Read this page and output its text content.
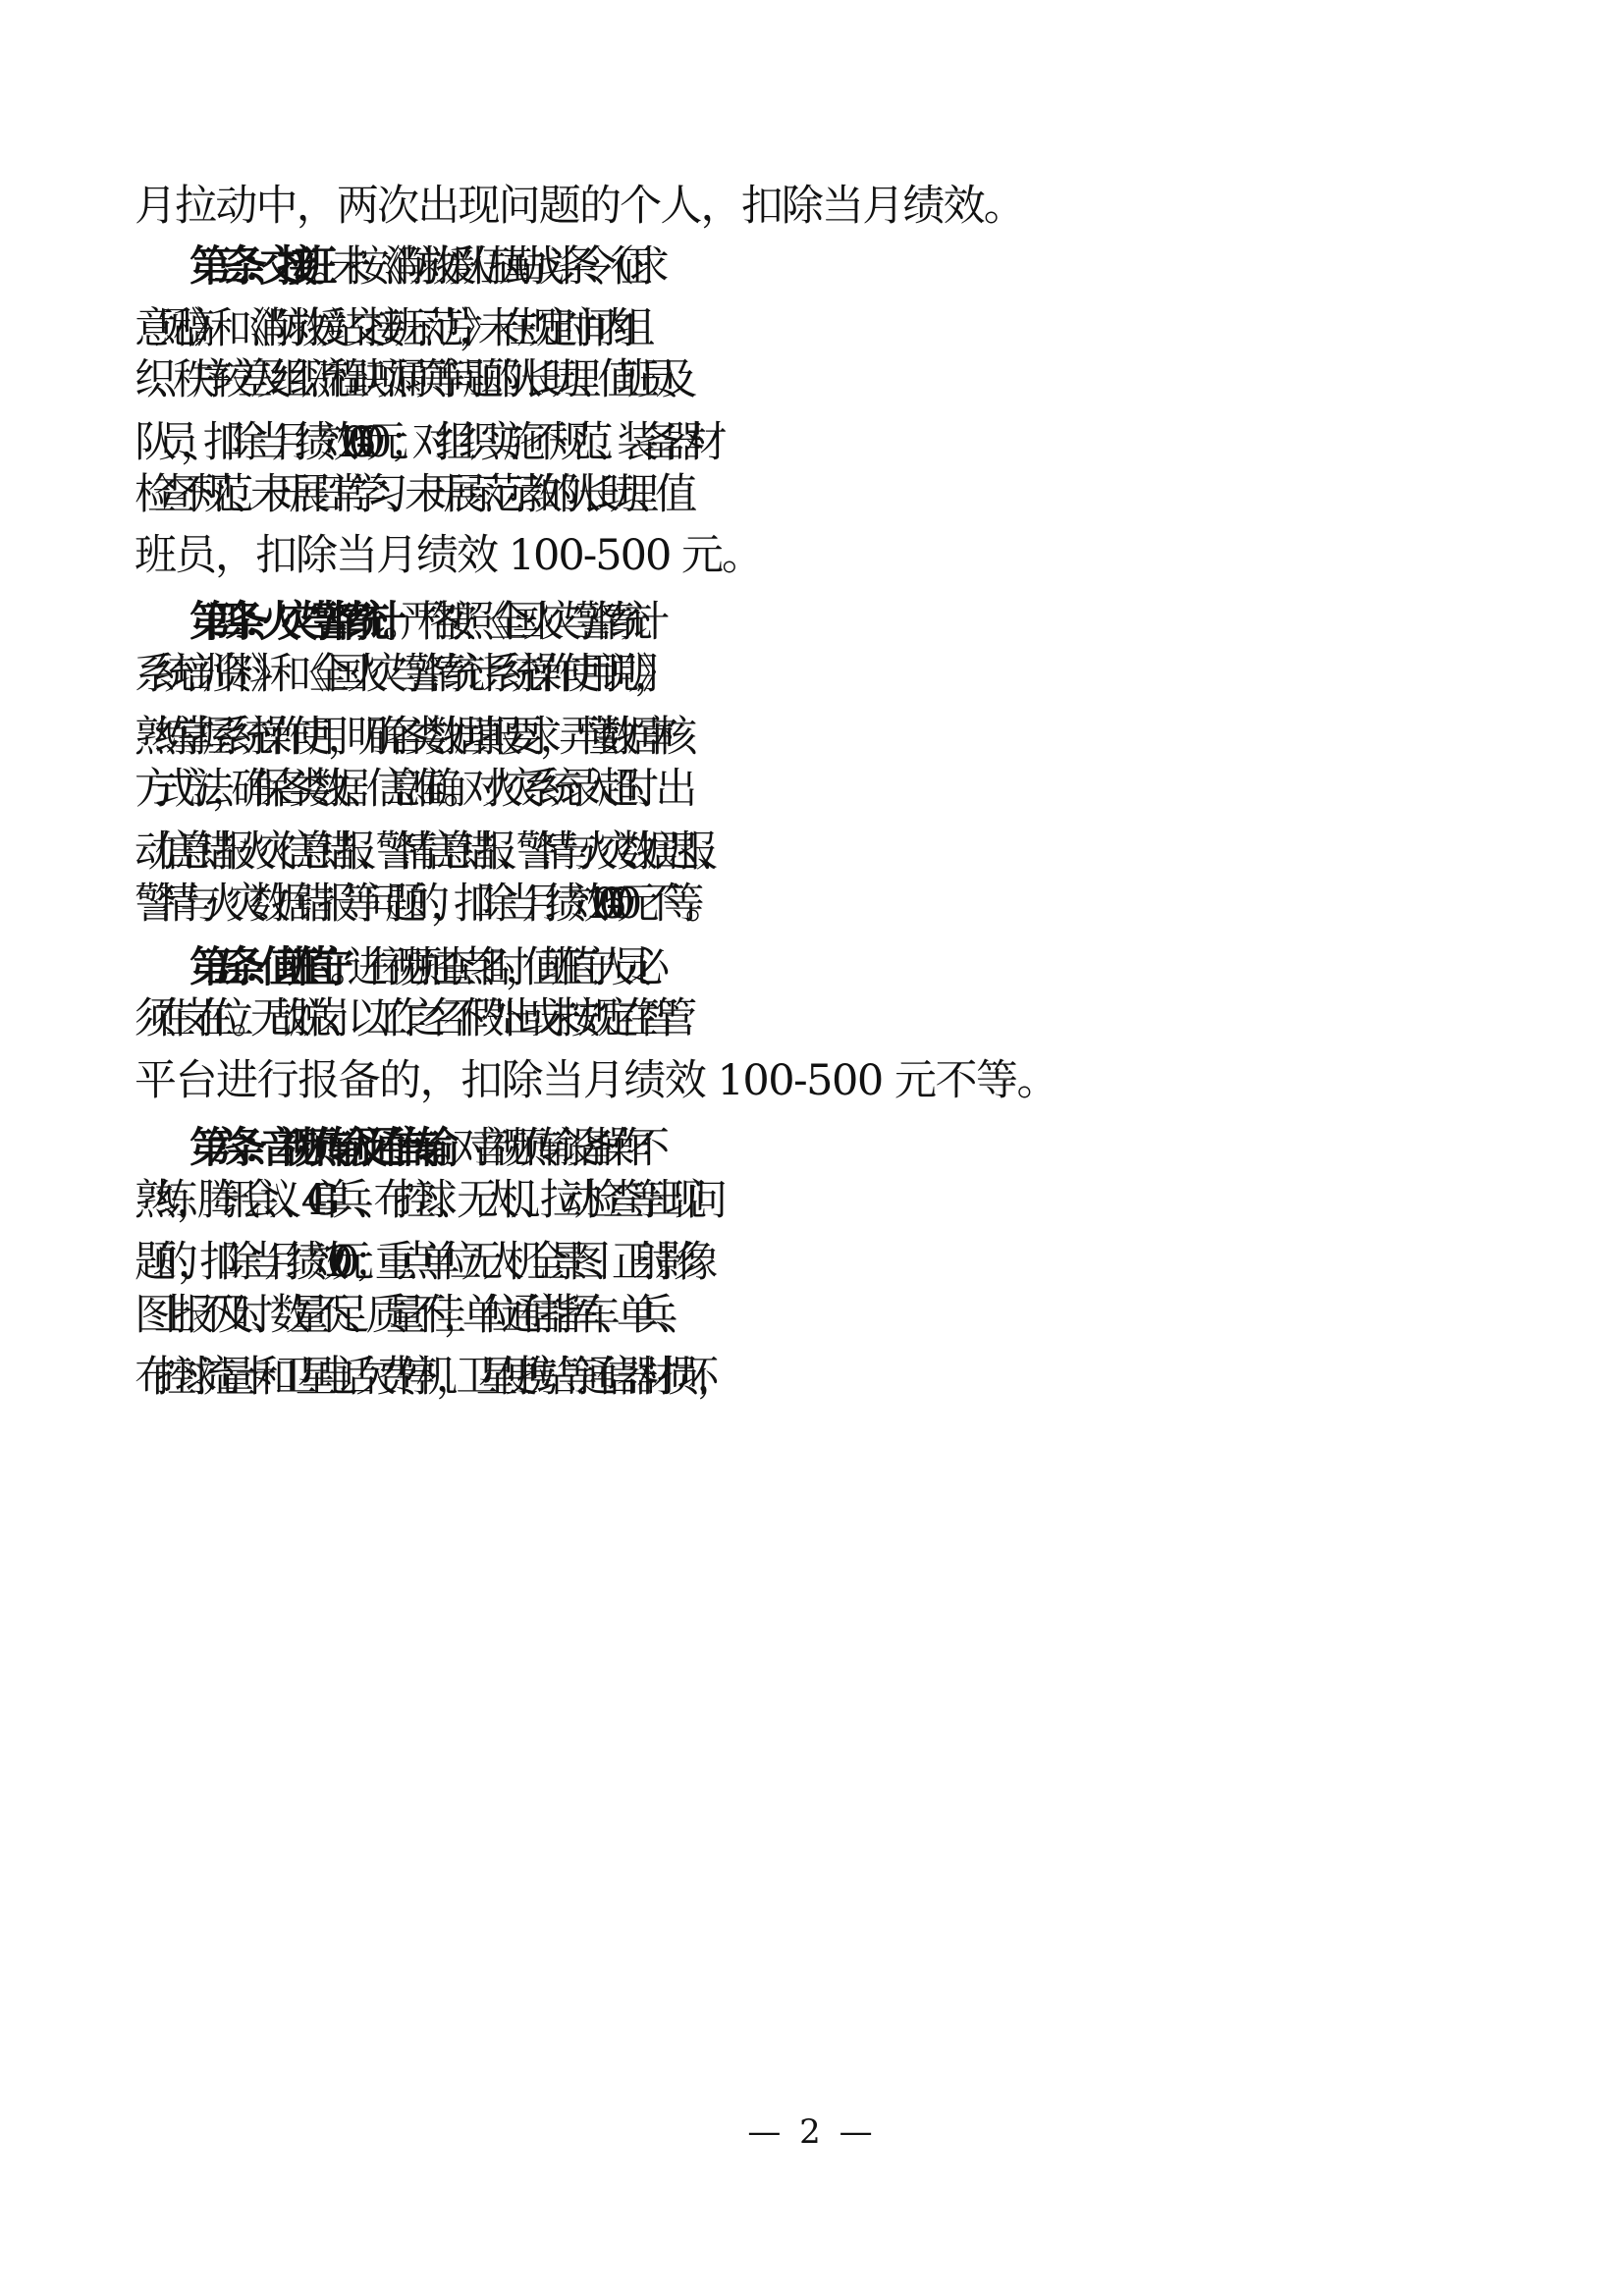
月拉动中，两次出现问题的个人，扣除当月绩效。
第三条：交接班。未按《消防救援队伍执勤战斗条令（征求
意见稿）》和《消防救援站交接班示范片》，未在规定时间内组
织、秩序较差及组织流程缺项漏项等问题的队长助理、值班员及
队员，扣除当月绩效 100-500 元；对组织实施不规范、装备器材
检查不规范、未开展日常学习、未开展示范示教的队长助理、值
班员，扣除当月绩效 100-500 元。
第四条：火灾与警情统计。严格按照《全国火灾与警情统计
系统培训资料》和《全国火灾与警情统计系统操作使用说明》，
熟练掌握系统操作使用，明确各类数据填报要求，弄懂数据审核
方式方法，确保各类数据、信息准确。对火灾系统录入超时、出
动信息错报火灾信息错报、警情信息错报、警情与火灾数据迟报、
警情与火灾数据错报等问题的，扣除当月绩效 100-500 元不等。
第五条：值班值守。进行视频抽查点名时，值班值守人员必
须在岗在位。无故脱岗、以工作之名不假外出或未按规定在智管
平台进行报备的，扣除当月绩效 100-500 元不等。
第六条：音视频传输及通信传输。对音视频传输设备操作不
熟练，腾讯会议、4G 单兵、布控球、无人机、拉动检查等出现问
题的，扣除当月绩效 100 元；重点单位无人机全景图、正射影像
图上报不及时、数量不足、质量不佳，单位通信指挥车、单兵、
布控球流量卡和卫星电话欠费停机，卫星便携站等通信器材损坏，
— 2 —
